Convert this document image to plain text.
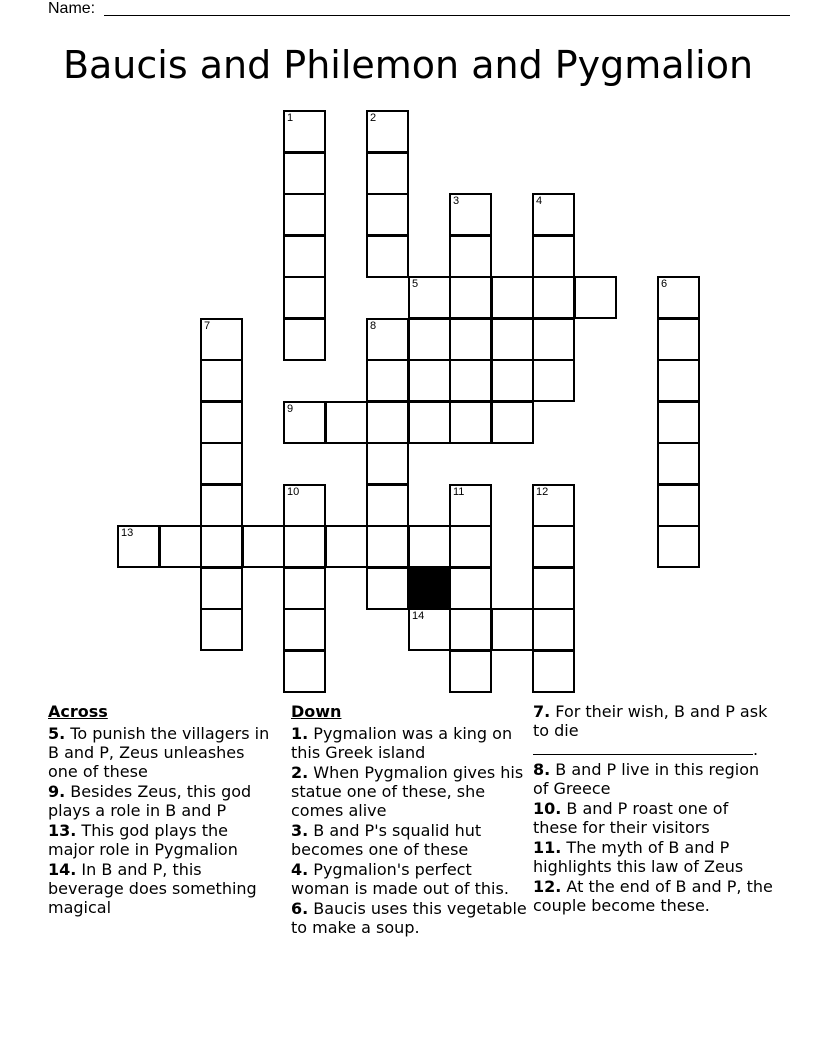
Name:
Baucis and Philemon and Pygmalion
1	2
3	4
5	6
7	8
9
10	11	12
13
14
Across
5. To punish the villagers in B and P, Zeus unleashes one of these
9. Besides Zeus, this god plays a role in B and P
13. This god plays the major role in Pygmalion
14. In B and P, this beverage does something magical
Down
1. Pygmalion was a king on this Greek island
2. When Pygmalion gives his statue one of these, she comes alive
3. B and P's squalid hut becomes one of these
4. Pygmalion's perfect woman is made out of this.
6. Baucis uses this vegetable to make a soup.
7. For their wish, B and P ask to die
.
8. B and P live in this region of Greece
10. B and P roast one of these for their visitors
11. The myth of B and P highlights this law of Zeus
12. At the end of B and P, the couple become these.
